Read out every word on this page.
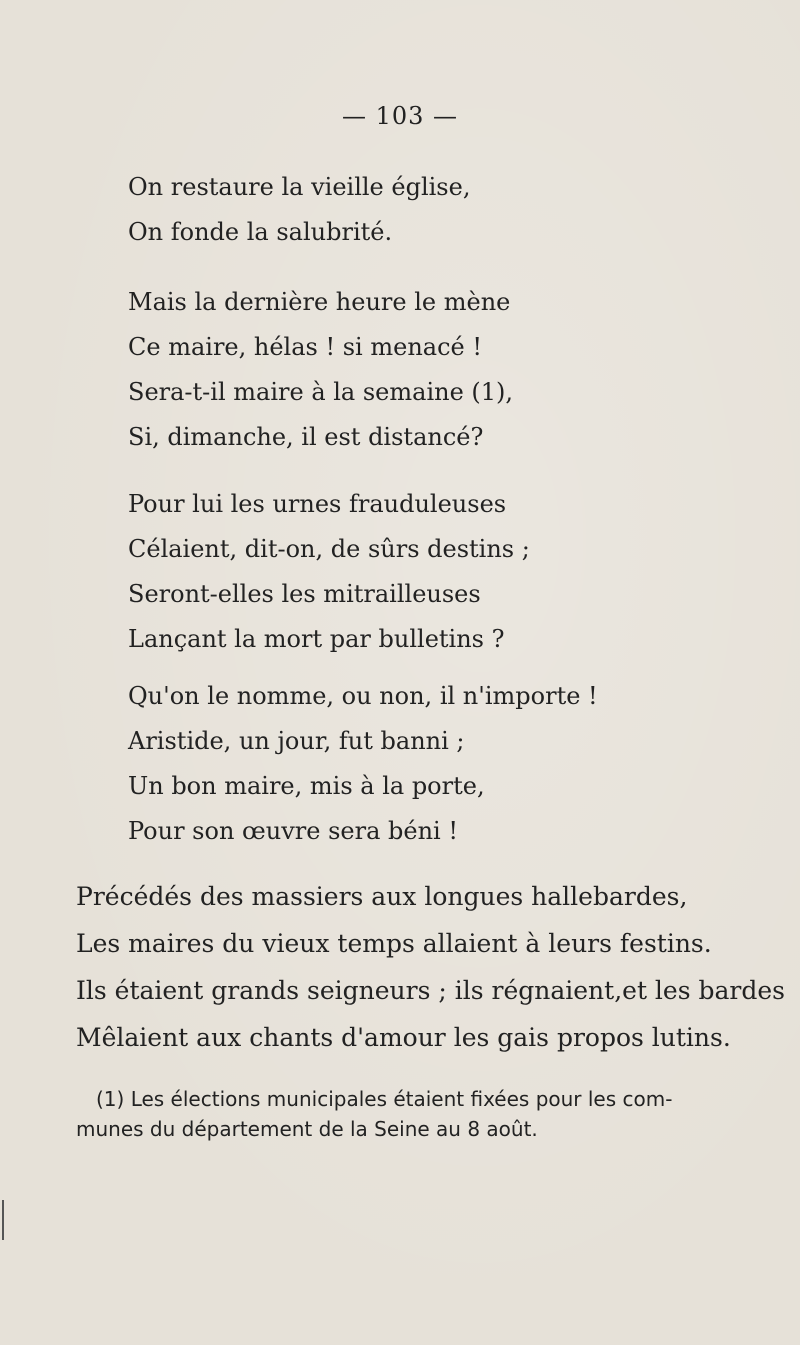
— 103 —
On restaure la vieille église,
On fonde la salubrité.
Mais la dernière heure le mène
Ce maire, hélas ! si menacé !
Sera-t-il maire à la semaine (1),
Si, dimanche, il est distancé?
Pour lui les urnes frauduleuses
Célaient, dit-on, de sûrs destins ;
Seront-elles les mitrailleuses
Lançant la mort par bulletins ?
Qu'on le nomme, ou non, il n'importe !
Aristide, un jour, fut banni ;
Un bon maire, mis à la porte,
Pour son œuvre sera béni !
Précédés des massiers aux longues hallebardes,
Les maires du vieux temps allaient à leurs festins.
Ils étaient grands seigneurs ; ils régnaient,et les bardes
Mêlaient aux chants d'amour les gais propos lutins.
(1) Les élections municipales étaient fixées pour les com-
munes du département de la Seine au 8 août.
